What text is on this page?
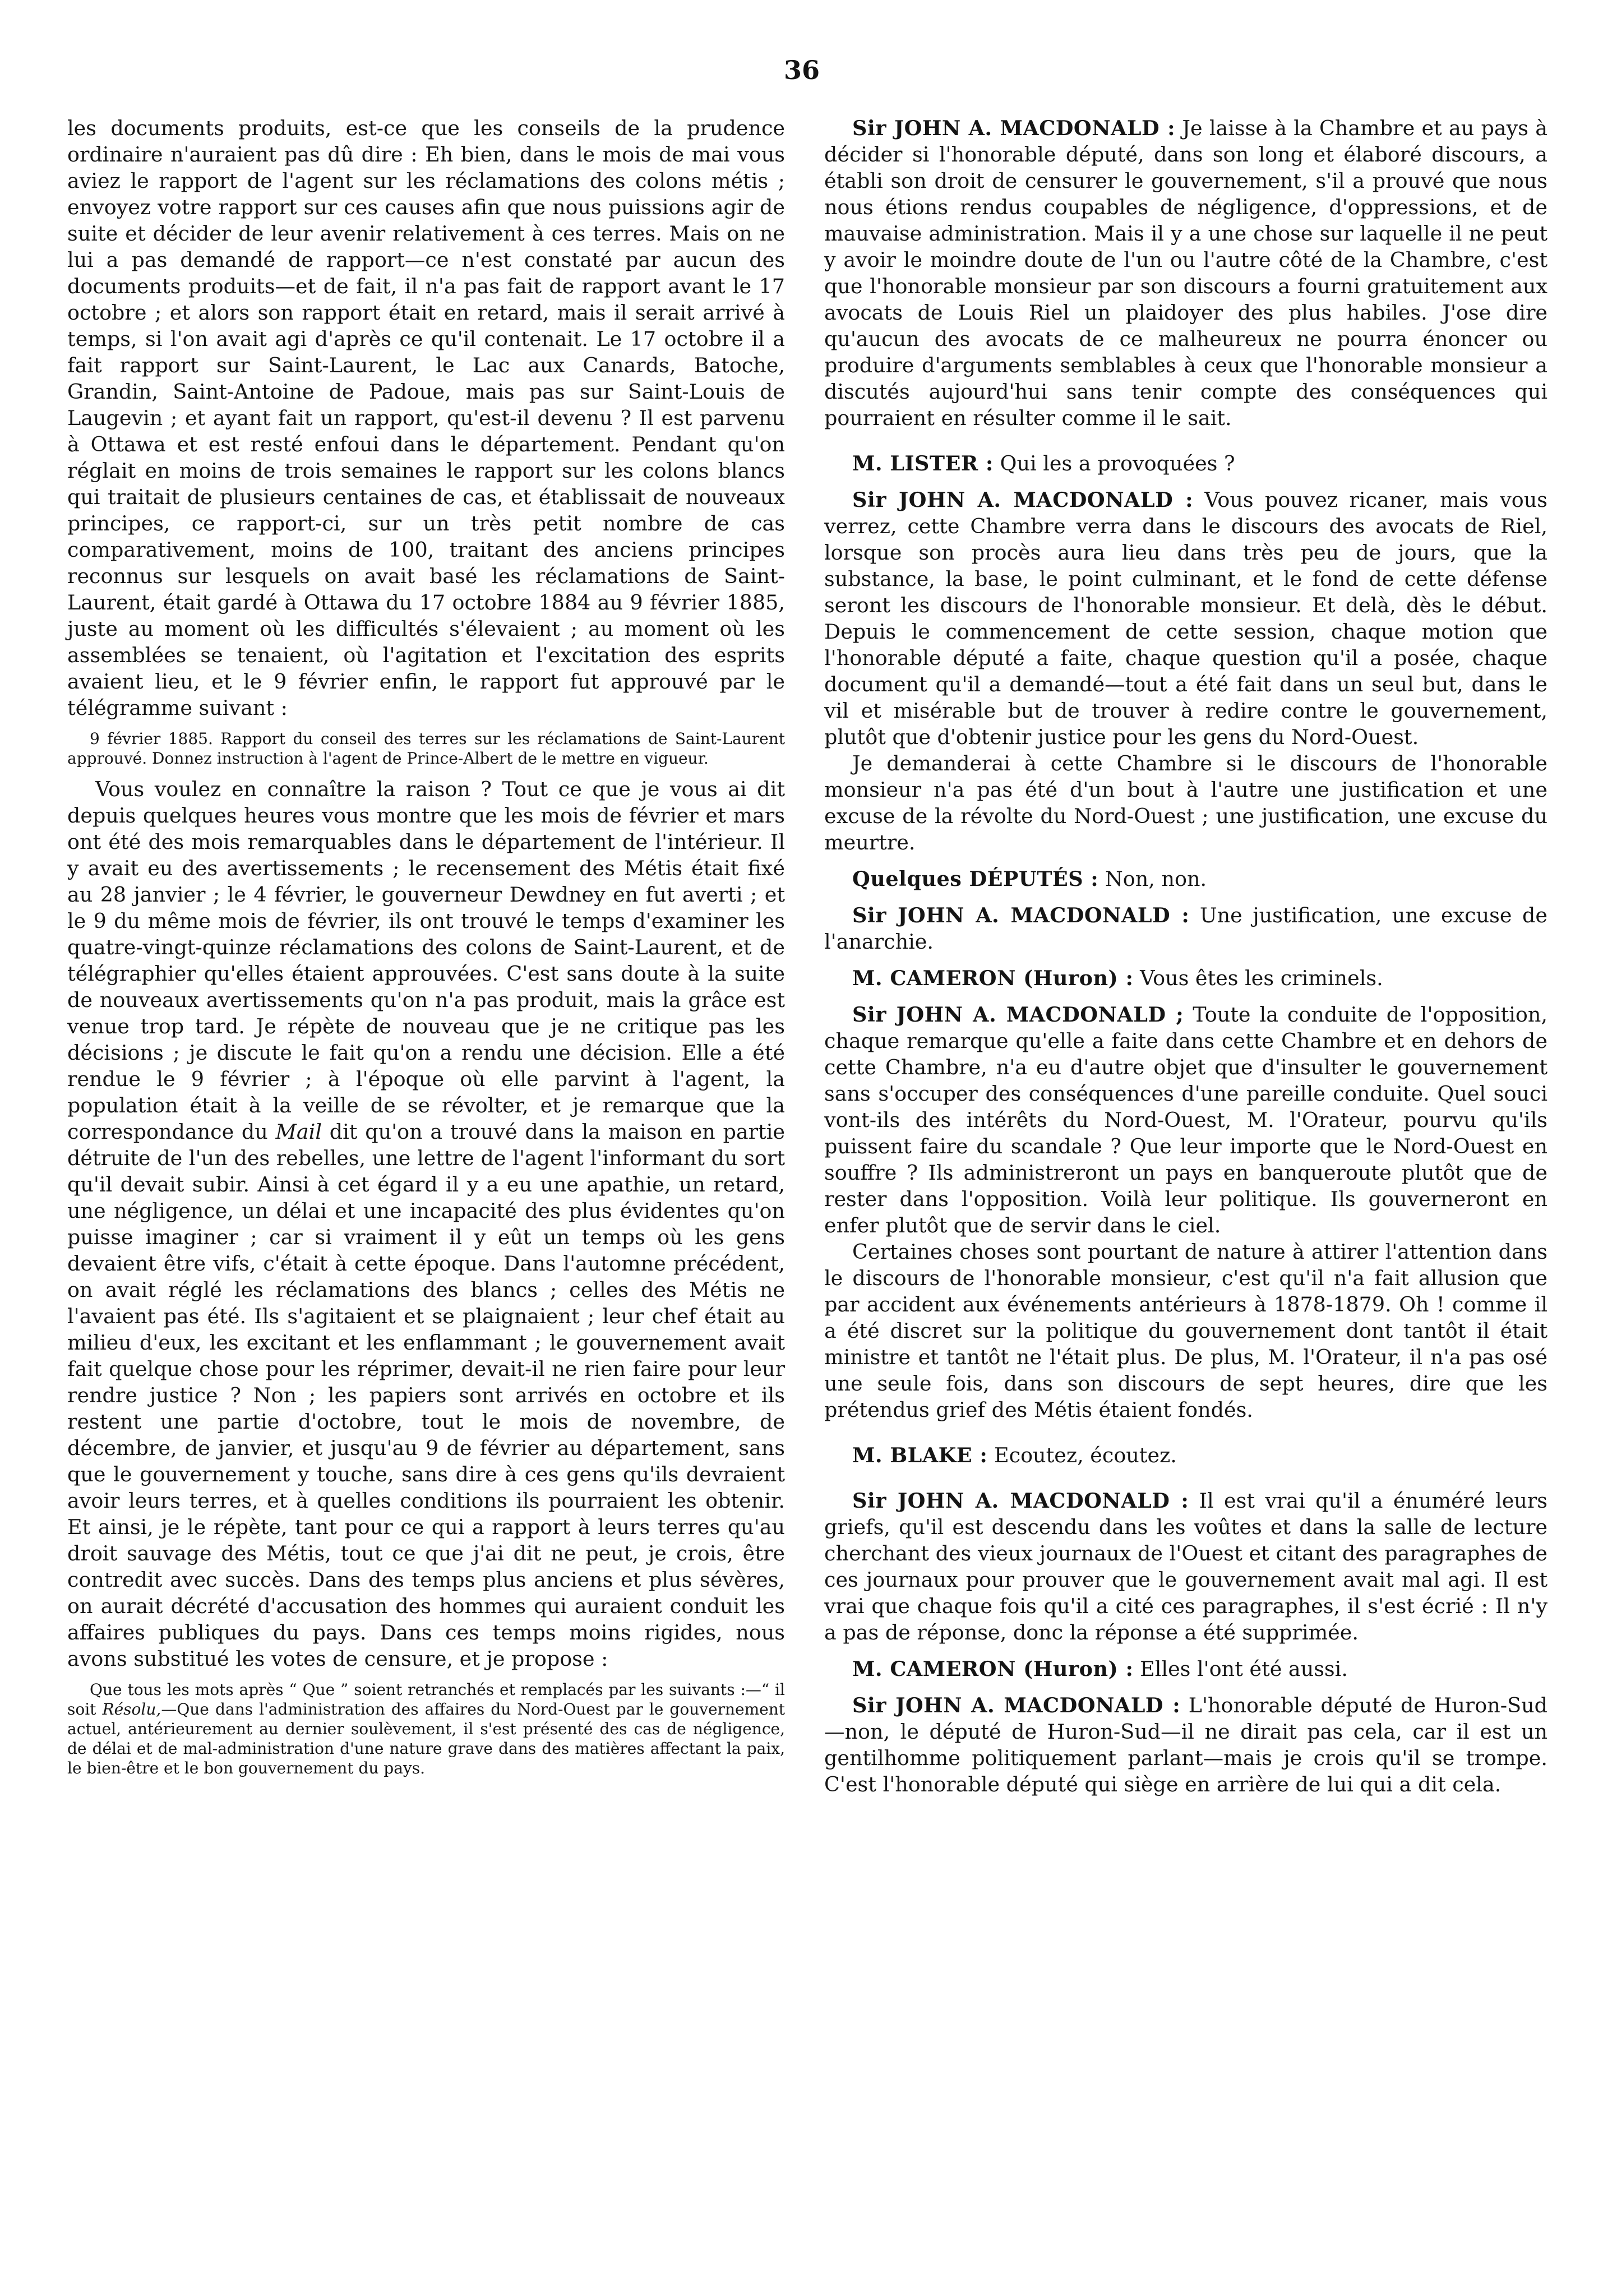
36

les documents produits, est-ce que les conseils de la prudence ordinaire n'auraient pas dû dire : Eh bien, dans le mois de mai vous aviez le rapport de l'agent sur les réclamations des colons métis ; envoyez votre rapport sur ces causes afin que nous puissions agir de suite et décider de leur avenir relativement à ces terres. Mais on ne lui a pas demandé de rapport—ce n'est constaté par aucun des documents produits—et de fait, il n'a pas fait de rapport avant le 17 octobre ; et alors son rapport était en retard, mais il serait arrivé à temps, si l'on avait agi d'après ce qu'il contenait. Le 17 octobre il a fait rapport sur Saint-Laurent, le Lac aux Canards, Batoche, Grandin, Saint-Antoine de Padoue, mais pas sur Saint-Louis de Laugevin ; et ayant fait un rapport, qu'est-il devenu ? Il est parvenu à Ottawa et est resté enfoui dans le département. Pendant qu'on réglait en moins de trois semaines le rapport sur les colons blancs qui traitait de plusieurs centaines de cas, et établissait de nouveaux principes, ce rapport-ci, sur un très petit nombre de cas comparativement, moins de 100, traitant des anciens principes reconnus sur lesquels on avait basé les réclamations de Saint-Laurent, était gardé à Ottawa du 17 octobre 1884 au 9 février 1885, juste au moment où les difficultés s'élevaient ; au moment où les assemblées se tenaient, où l'agitation et l'excitation des esprits avaient lieu, et le 9 février enfin, le rapport fut approuvé par le télégramme suivant :

9 février 1885. Rapport du conseil des terres sur les réclamations de Saint-Laurent approuvé. Donnez instruction à l'agent de Prince-Albert de le mettre en vigueur.

Vous voulez en connaître la raison ? Tout ce que je vous ai dit depuis quelques heures vous montre que les mois de février et mars ont été des mois remarquables dans le département de l'intérieur. Il y avait eu des avertissements ; le recensement des Métis était fixé au 28 janvier ; le 4 février, le gouverneur Dewdney en fut averti ; et le 9 du même mois de février, ils ont trouvé le temps d'examiner les quatre-vingt-quinze réclamations des colons de Saint-Laurent, et de télégraphier qu'elles étaient approuvées. C'est sans doute à la suite de nouveaux avertissements qu'on n'a pas produit, mais la grâce est venue trop tard. Je répète de nouveau que je ne critique pas les décisions ; je discute le fait qu'on a rendu une décision. Elle a été rendue le 9 février ; à l'époque où elle parvint à l'agent, la population était à la veille de se révolter, et je remarque que la correspondance du Mail dit qu'on a trouvé dans la maison en partie détruite de l'un des rebelles, une lettre de l'agent l'informant du sort qu'il devait subir. Ainsi à cet égard il y a eu une apathie, un retard, une négligence, un délai et une incapacité des plus évidentes qu'on puisse imaginer ; car si vraiment il y eût un temps où les gens devaient être vifs, c'était à cette époque. Dans l'automne précédent, on avait réglé les réclamations des blancs ; celles des Métis ne l'avaient pas été. Ils s'agitaient et se plaignaient ; leur chef était au milieu d'eux, les excitant et les enflammant ; le gouvernement avait fait quelque chose pour les réprimer, devait-il ne rien faire pour leur rendre justice ? Non ; les papiers sont arrivés en octobre et ils restent une partie d'octobre, tout le mois de novembre, de décembre, de janvier, et jusqu'au 9 de février au département, sans que le gouvernement y touche, sans dire à ces gens qu'ils devraient avoir leurs terres, et à quelles conditions ils pourraient les obtenir. Et ainsi, je le répète, tant pour ce qui a rapport à leurs terres qu'au droit sauvage des Métis, tout ce que j'ai dit ne peut, je crois, être contredit avec succès. Dans des temps plus anciens et plus sévères, on aurait décrété d'accusation des hommes qui auraient conduit les affaires publiques du pays. Dans ces temps moins rigides, nous avons substitué les votes de censure, et je propose :

Que tous les mots après “ Que ” soient retranchés et remplacés par les suivants :—“ il soit Résolu,—Que dans l'administration des affaires du Nord-Ouest par le gouvernement actuel, antérieurement au dernier soulèvement, il s'est présenté des cas de négligence, de délai et de mal-administration d'une nature grave dans des matières affectant la paix, le bien-être et le bon gouvernement du pays.

Sir JOHN A. MACDONALD : Je laisse à la Chambre et au pays à décider si l'honorable député, dans son long et élaboré discours, a établi son droit de censurer le gouvernement, s'il a prouvé que nous nous étions rendus coupables de négligence, d'oppressions, et de mauvaise administration. Mais il y a une chose sur laquelle il ne peut y avoir le moindre doute de l'un ou l'autre côté de la Chambre, c'est que l'honorable monsieur par son discours a fourni gratuitement aux avocats de Louis Riel un plaidoyer des plus habiles. J'ose dire qu'aucun des avocats de ce malheureux ne pourra énoncer ou produire d'arguments semblables à ceux que l'honorable monsieur a discutés aujourd'hui sans tenir compte des conséquences qui pourraient en résulter comme il le sait.

M. LISTER : Qui les a provoquées ?

Sir JOHN A. MACDONALD : Vous pouvez ricaner, mais vous verrez, cette Chambre verra dans le discours des avocats de Riel, lorsque son procès aura lieu dans très peu de jours, que la substance, la base, le point culminant, et le fond de cette défense seront les discours de l'honorable monsieur. Et delà, dès le début. Depuis le commencement de cette session, chaque motion que l'honorable député a faite, chaque question qu'il a posée, chaque document qu'il a demandé—tout a été fait dans un seul but, dans le vil et misérable but de trouver à redire contre le gouvernement, plutôt que d'obtenir justice pour les gens du Nord-Ouest.

Je demanderai à cette Chambre si le discours de l'honorable monsieur n'a pas été d'un bout à l'autre une justification et une excuse de la révolte du Nord-Ouest ; une justification, une excuse du meurtre.

Quelques DÉPUTÉS : Non, non.

Sir JOHN A. MACDONALD : Une justification, une excuse de l'anarchie.

M. CAMERON (Huron) : Vous êtes les criminels.

Sir JOHN A. MACDONALD ; Toute la conduite de l'opposition, chaque remarque qu'elle a faite dans cette Chambre et en dehors de cette Chambre, n'a eu d'autre objet que d'insulter le gouvernement sans s'occuper des conséquences d'une pareille conduite. Quel souci vont-ils des intérêts du Nord-Ouest, M. l'Orateur, pourvu qu'ils puissent faire du scandale ? Que leur importe que le Nord-Ouest en souffre ? Ils administreront un pays en banqueroute plutôt que de rester dans l'opposition. Voilà leur politique. Ils gouverneront en enfer plutôt que de servir dans le ciel.

Certaines choses sont pourtant de nature à attirer l'attention dans le discours de l'honorable monsieur, c'est qu'il n'a fait allusion que par accident aux événements antérieurs à 1878-1879. Oh ! comme il a été discret sur la politique du gouvernement dont tantôt il était ministre et tantôt ne l'était plus. De plus, M. l'Orateur, il n'a pas osé une seule fois, dans son discours de sept heures, dire que les prétendus grief des Métis étaient fondés.

M. BLAKE : Ecoutez, écoutez.

Sir JOHN A. MACDONALD : Il est vrai qu'il a énuméré leurs griefs, qu'il est descendu dans les voûtes et dans la salle de lecture cherchant des vieux journaux de l'Ouest et citant des paragraphes de ces journaux pour prouver que le gouvernement avait mal agi. Il est vrai que chaque fois qu'il a cité ces paragraphes, il s'est écrié : Il n'y a pas de réponse, donc la réponse a été supprimée.

M. CAMERON (Huron) : Elles l'ont été aussi.

Sir JOHN A. MACDONALD : L'honorable député de Huron-Sud—non, le député de Huron-Sud—il ne dirait pas cela, car il est un gentilhomme politiquement parlant—mais je crois qu'il se trompe. C'est l'honorable député qui siège en arrière de lui qui a dit cela.
